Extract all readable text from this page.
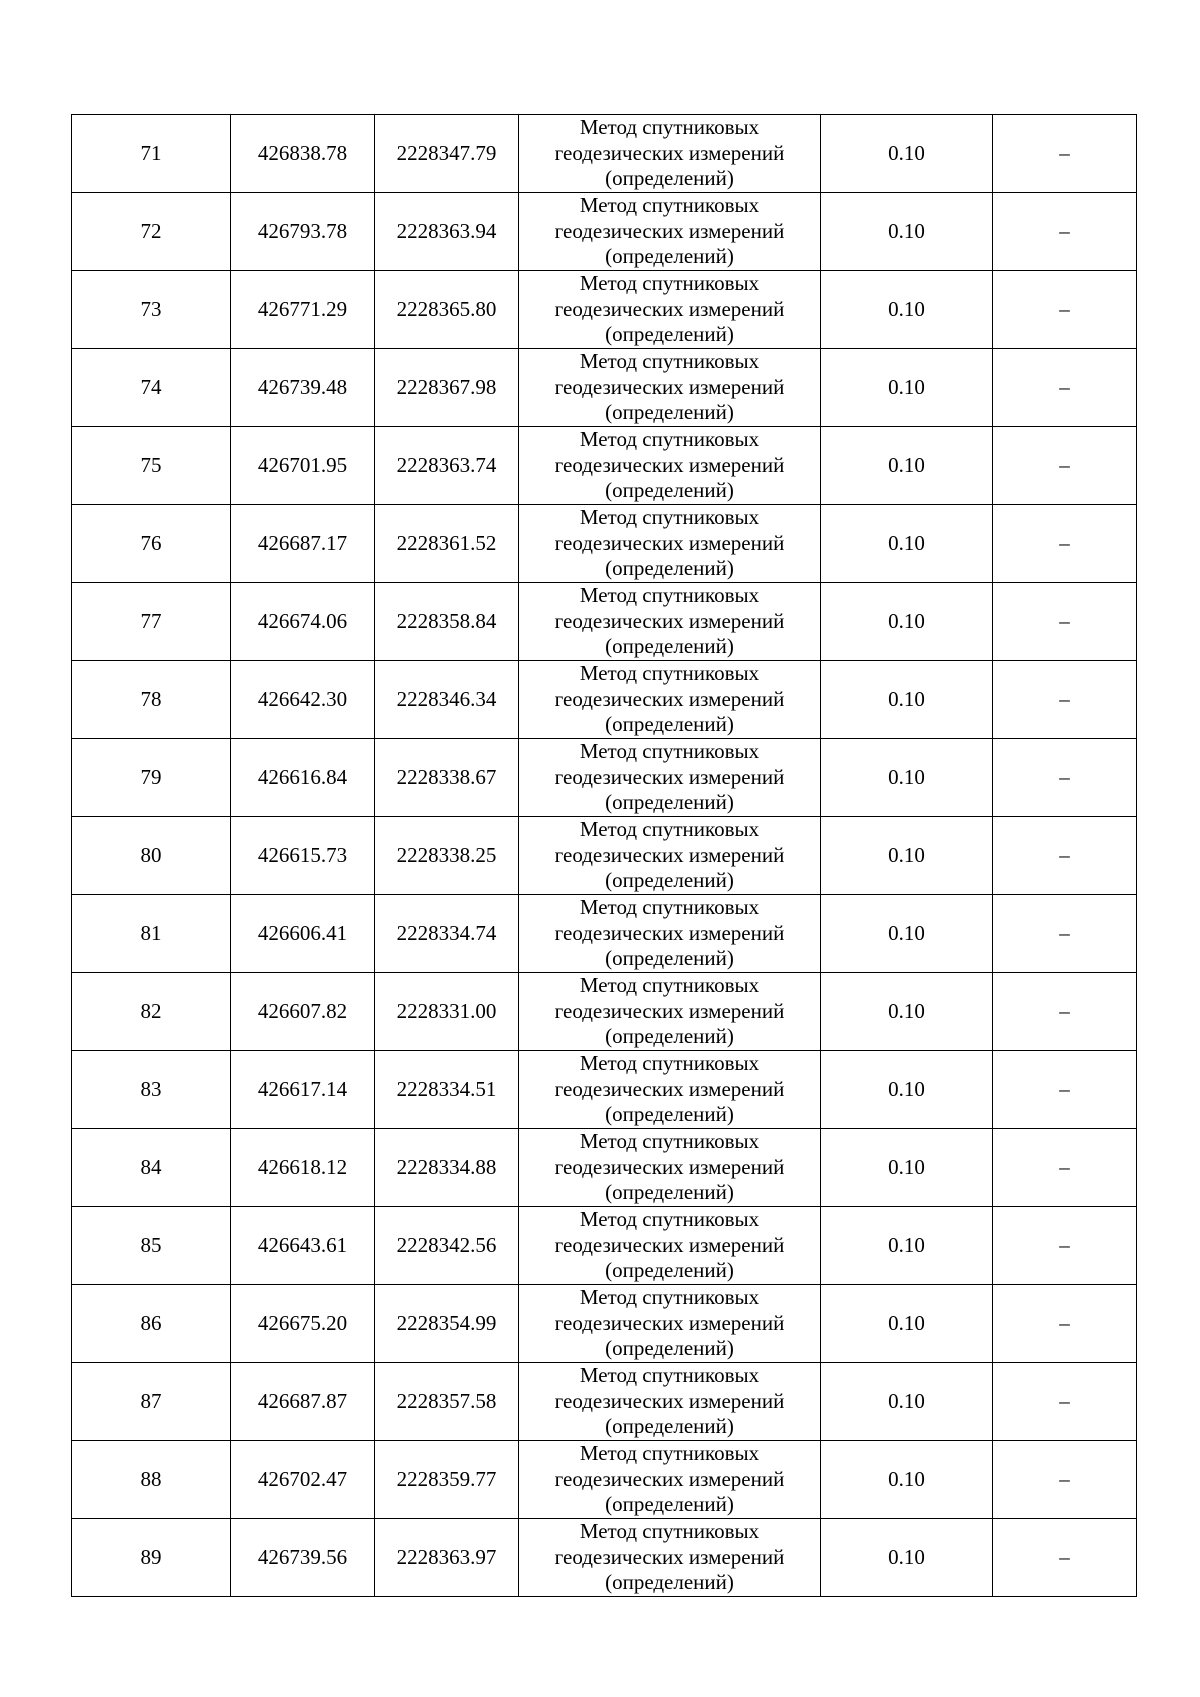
71	426838.78	2228347.79	Метод спутниковых
геодезических измерений
(определений)	0.10	–
72	426793.78	2228363.94	Метод спутниковых
геодезических измерений
(определений)	0.10	–
73	426771.29	2228365.80	Метод спутниковых
геодезических измерений
(определений)	0.10	–
74	426739.48	2228367.98	Метод спутниковых
геодезических измерений
(определений)	0.10	–
75	426701.95	2228363.74	Метод спутниковых
геодезических измерений
(определений)	0.10	–
76	426687.17	2228361.52	Метод спутниковых
геодезических измерений
(определений)	0.10	–
77	426674.06	2228358.84	Метод спутниковых
геодезических измерений
(определений)	0.10	–
78	426642.30	2228346.34	Метод спутниковых
геодезических измерений
(определений)	0.10	–
79	426616.84	2228338.67	Метод спутниковых
геодезических измерений
(определений)	0.10	–
80	426615.73	2228338.25	Метод спутниковых
геодезических измерений
(определений)	0.10	–
81	426606.41	2228334.74	Метод спутниковых
геодезических измерений
(определений)	0.10	–
82	426607.82	2228331.00	Метод спутниковых
геодезических измерений
(определений)	0.10	–
83	426617.14	2228334.51	Метод спутниковых
геодезических измерений
(определений)	0.10	–
84	426618.12	2228334.88	Метод спутниковых
геодезических измерений
(определений)	0.10	–
85	426643.61	2228342.56	Метод спутниковых
геодезических измерений
(определений)	0.10	–
86	426675.20	2228354.99	Метод спутниковых
геодезических измерений
(определений)	0.10	–
87	426687.87	2228357.58	Метод спутниковых
геодезических измерений
(определений)	0.10	–
88	426702.47	2228359.77	Метод спутниковых
геодезических измерений
(определений)	0.10	–
89	426739.56	2228363.97	Метод спутниковых
геодезических измерений
(определений)	0.10	–
